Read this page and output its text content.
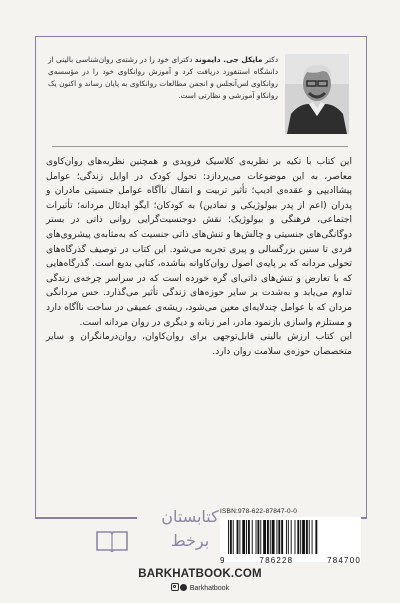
دکتر مایکل جی. دایموند دکترای خود را در رشته‌ی روان‌شناسی بالینی از دانشگاه استنفورد دریافت کرد و آموزش روانکاوی خود را در مؤسسه‌ی روانکاوی لس‌آنجلس و انجمن مطالعات روانکاوی به پایان رساند و اکنون یک روانکاو آموزشی و نظارتی است.

این کتاب با تکیه بر نظریه‌ی کلاسیک فرویدی و همچنین نظریه‌های روان‌کاوی معاصر، به این موضوعات می‌پردازد: تحول کودک در اوایل زندگی؛ عوامل پیشاادیپی و عقده‌ی ادیپ؛ تأثیر تربیت و انتقال ناآگاه عوامل جنسیتی مادران و پدران (اعم از پدر بیولوژیکی و نمادین) به کودکان؛ ایگو ایدئال مردانه؛ تأثیرات اجتماعی، فرهنگی و بیولوژیک؛ نقش دوجنسیت‌گرایی روانی ذاتی در بستر دوگانگی‌های جنسیتی و چالش‌ها و تنش‌های ذاتی جنسیت که به‌مثابه‌ی پیشروی‌های فردی تا سنین بزرگسالی و پیری تجربه می‌شود. این کتاب در توصیف گذرگاه‌های تحولی مردانه که بر پایه‌ی اصول روان‌کاوانه بناشده، کتابی بدیع است. گذرگاه‌هایی که با تعارض و تنش‌های ذاتی‌ای گره خورده است که در سراسر چرخه‌ی زندگی تداوم می‌یابد و به‌شدت بر سایر حوزه‌های زندگی تأثیر می‌گذارد. حس مردانگی مردان که با عوامل چندلایه‌ای معین می‌شود، ریشه‌ی عمیقی در ساحت ناآگاه دارد و مستلزم واسازی بازنمود مادر، امر زنانه و دیگری در روان مردانه است.

این کتاب ارزش بالینی قابل‌توجهی برای روان‌کاوان، روان‌درمانگران و سایر متخصصان حوزه‌ی سلامت روان دارد.

کتابستان
برخط
ISBN:978-622-87847-0-0
9	786228	784700
BARKHATBOOK.COM
Barkhatbook
